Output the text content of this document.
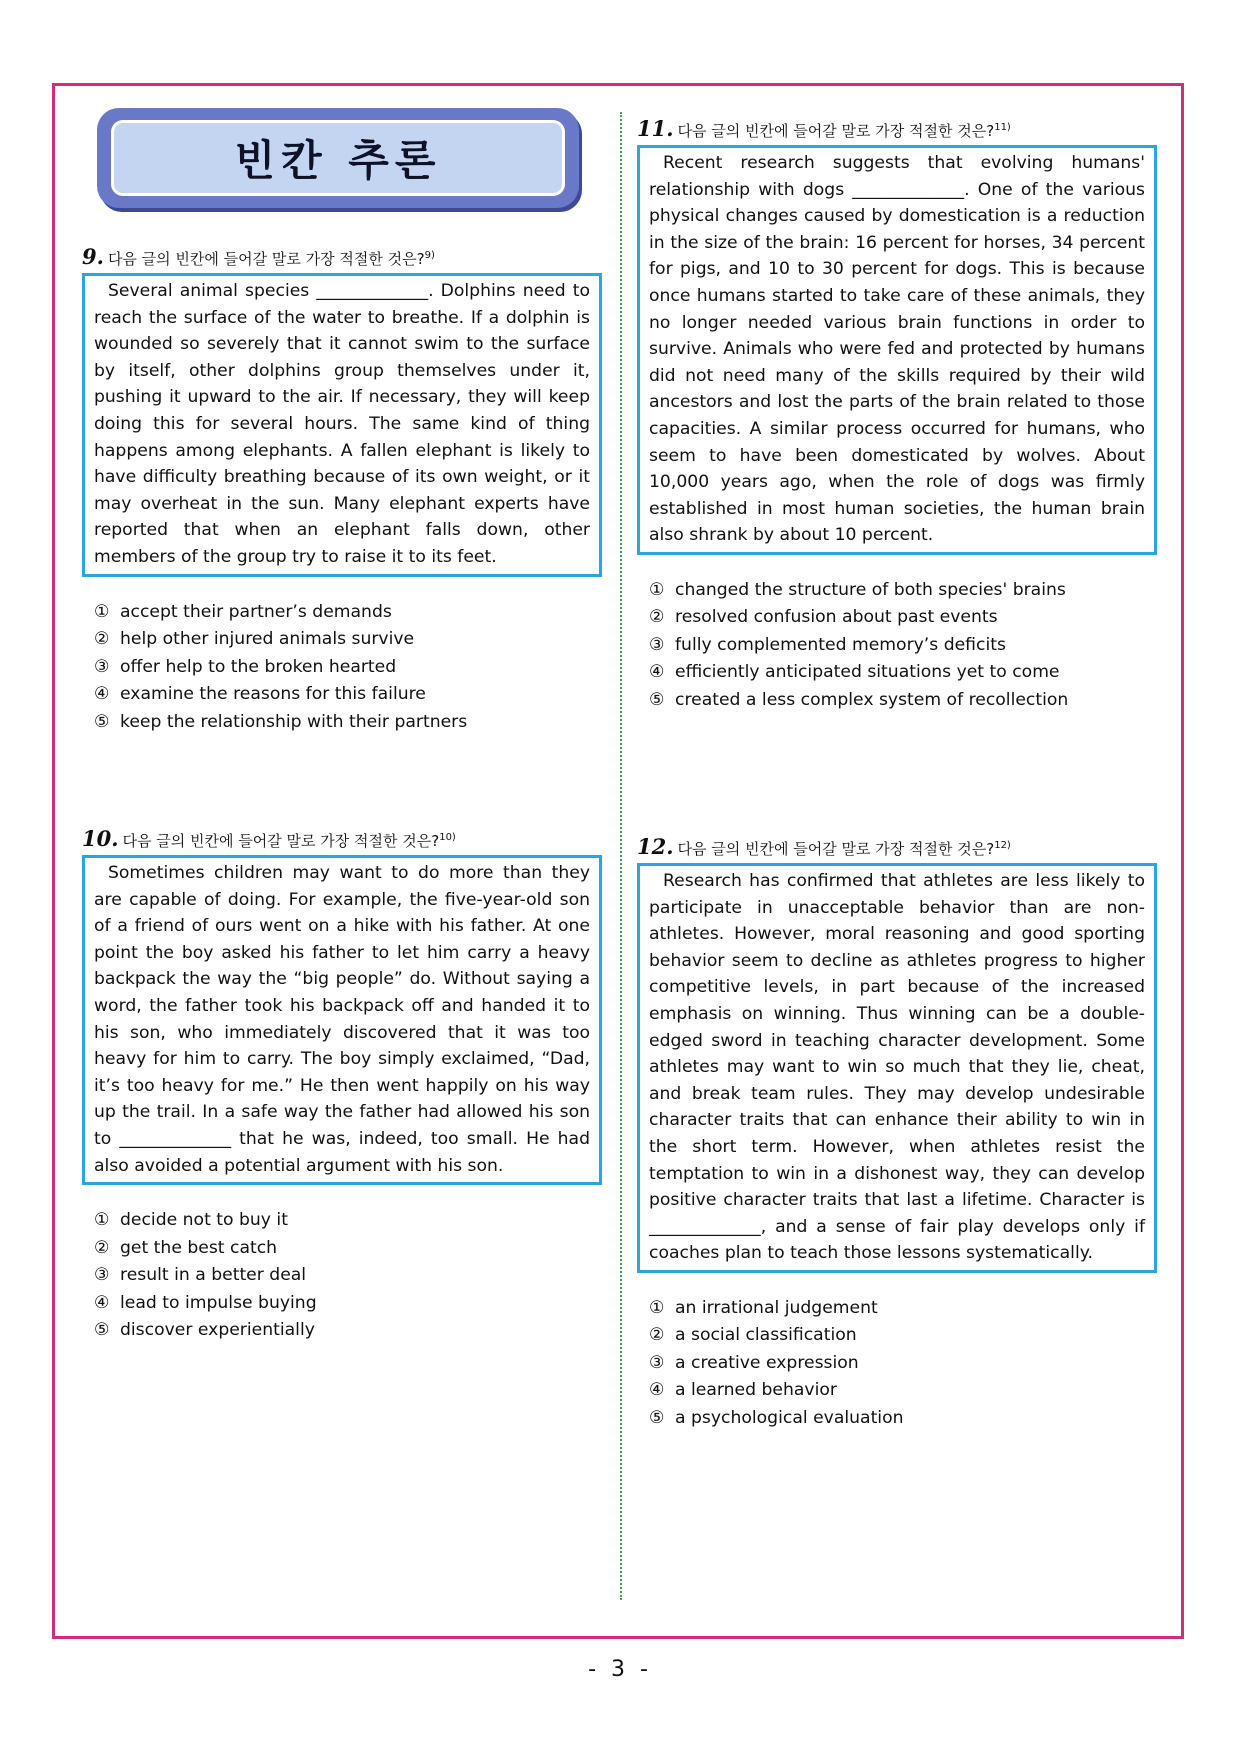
빈칸 추론
9. 다음 글의 빈칸에 들어갈 말로 가장 적절한 것은?$^{9)}$
Several animal species _____________. Dolphins need to reach the surface of the water to breathe. If a dolphin is wounded so severely that it cannot swim to the surface by itself, other dolphins group themselves under it, pushing it upward to the air. If necessary, they will keep doing this for several hours. The same kind of thing happens among elephants. A fallen elephant is likely to have difficulty breathing because of its own weight, or it may overheat in the sun. Many elephant experts have reported that when an elephant falls down, other members of the group try to raise it to its feet.
① accept their partner’s demands
② help other injured animals survive
③ offer help to the broken hearted
④ examine the reasons for this failure
⑤ keep the relationship with their partners
10. 다음 글의 빈칸에 들어갈 말로 가장 적절한 것은?$^{10)}$
Sometimes children may want to do more than they are capable of doing. For example, the five-year-old son of a friend of ours went on a hike with his father. At one point the boy asked his father to let him carry a heavy backpack the way the “big people” do. Without saying a word, the father took his backpack off and handed it to his son, who immediately discovered that it was too heavy for him to carry. The boy simply exclaimed, “Dad, it’s too heavy for me.” He then went happily on his way up the trail. In a safe way the father had allowed his son to _____________ that he was, indeed, too small. He had also avoided a potential argument with his son.
① decide not to buy it
② get the best catch
③ result in a better deal
④ lead to impulse buying
⑤ discover experientially
11. 다음 글의 빈칸에 들어갈 말로 가장 적절한 것은?$^{11)}$
Recent research suggests that evolving humans' relationship with dogs _____________. One of the various physical changes caused by domestication is a reduction in the size of the brain: 16 percent for horses, 34 percent for pigs, and 10 to 30 percent for dogs. This is because once humans started to take care of these animals, they no longer needed various brain functions in order to survive. Animals who were fed and protected by humans did not need many of the skills required by their wild ancestors and lost the parts of the brain related to those capacities. A similar process occurred for humans, who seem to have been domesticated by wolves. About 10,000 years ago, when the role of dogs was firmly established in most human societies, the human brain also shrank by about 10 percent.
① changed the structure of both species' brains
② resolved confusion about past events
③ fully complemented memory’s deficits
④ efficiently anticipated situations yet to come
⑤ created a less complex system of recollection
12. 다음 글의 빈칸에 들어갈 말로 가장 적절한 것은?$^{12)}$
Research has confirmed that athletes are less likely to participate in unacceptable behavior than are non-athletes. However, moral reasoning and good sporting behavior seem to decline as athletes progress to higher competitive levels, in part because of the increased emphasis on winning. Thus winning can be a double-edged sword in teaching character development. Some athletes may want to win so much that they lie, cheat, and break team rules. They may develop undesirable character traits that can enhance their ability to win in the short term. However, when athletes resist the temptation to win in a dishonest way, they can develop positive character traits that last a lifetime. Character is _____________, and a sense of fair play develops only if coaches plan to teach those lessons systematically.
① an irrational judgement
② a social classification
③ a creative expression
④ a learned behavior
⑤ a psychological evaluation
- 3 -
